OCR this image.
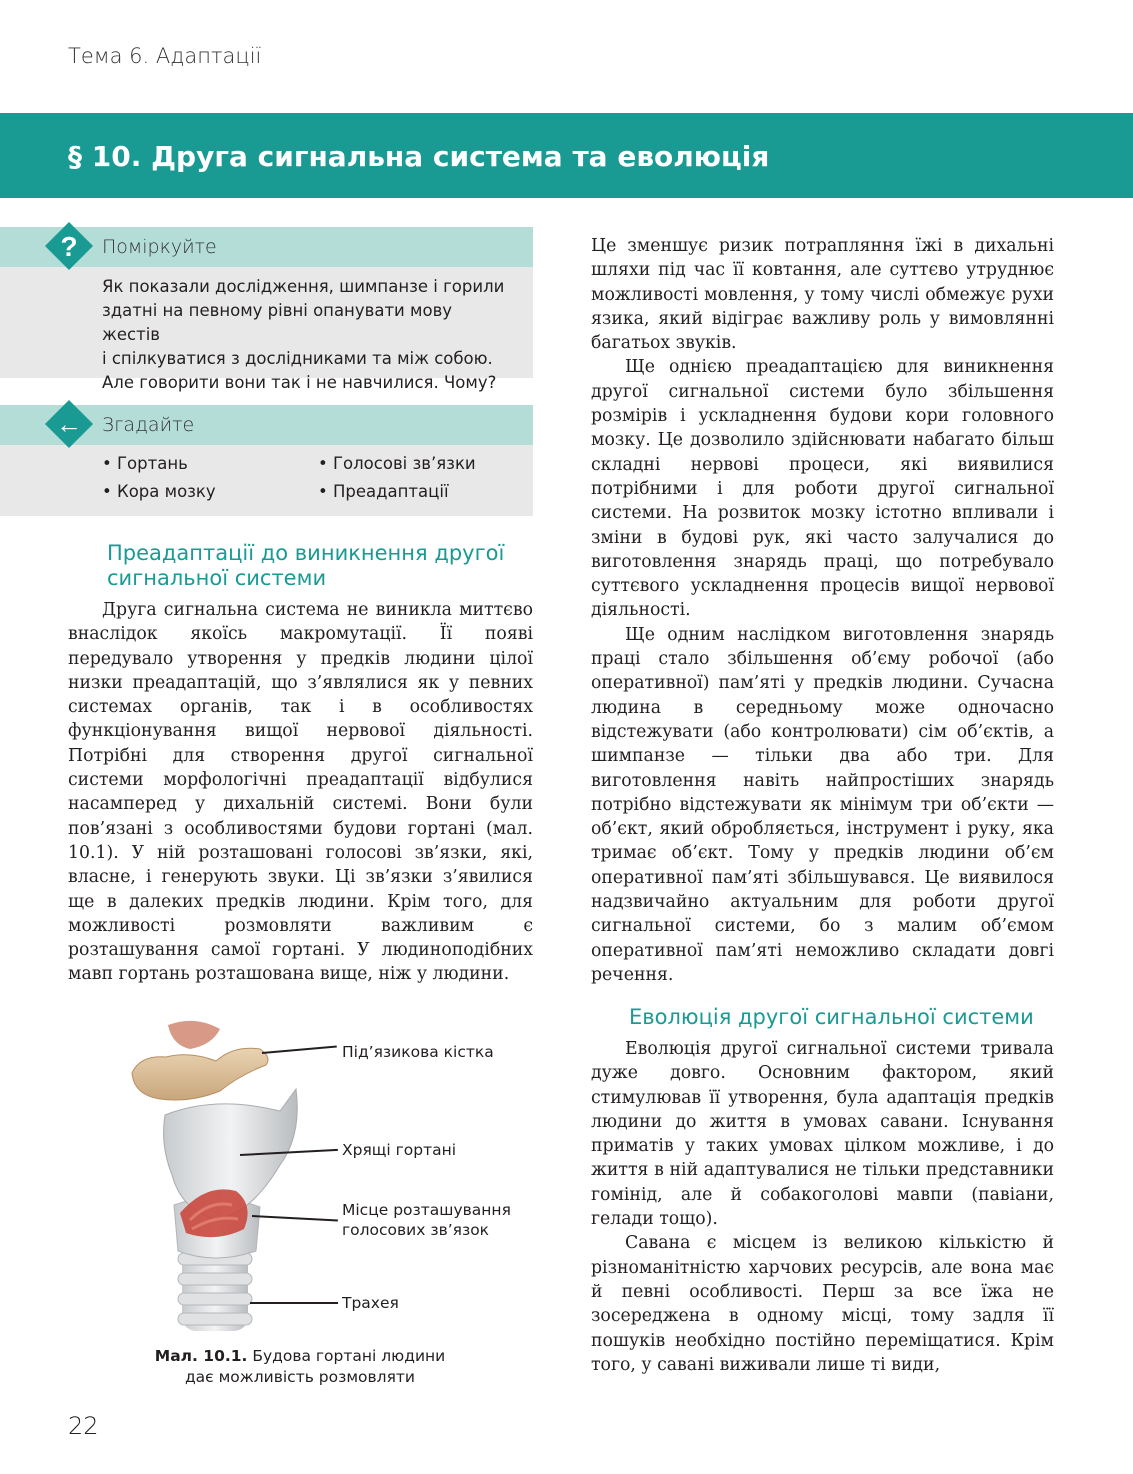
Тема 6. Адаптації
§ 10. Друга сигнальна система та еволюція
?	Поміркуйте
Як показали дослідження, шимпанзе і горили
здатні на певному рівні опанувати мову жестів
і спілкуватися з дослідниками та між собою.
Але говорити вони так і не навчилися. Чому?
←	Згадайте
• Гортань	• Голосові зв’язки
• Кора мозку	• Преадаптації
Преадаптації до виникнення другої
сигнальної системи

Друга сигнальна система не виникла миттєво внаслідок якоїсь макромутації. Її появі передувало утворення у предків людини цілої низки преадаптацій, що з’являлися як у певних системах органів, так і в особливостях функціонування вищої нервової діяльності. Потрібні для створення другої сигнальної системи морфологічні преадаптації відбулися насамперед у дихальній системі. Вони були пов’язані з особливостями будови гортані (мал. 10.1). У ній розташовані голосові зв’язки, які, власне, і генерують звуки. Ці зв’язки з’явилися ще в далеких предків людини. Крім того, для можливості розмовляти важливим є розташування самої гортані. У людиноподібних мавп гортань розташована вище, ніж у людини.

Під’язикова кістка
Хрящі гортані
Місце розташування
голосових зв’язок
Трахея
Мал. 10.1. Будова гортані людини дає можливість розмовляти

Це зменшує ризик потрапляння їжі в дихальні шляхи під час її ковтання, але суттєво утруднює можливості мовлення, у тому числі обмежує рухи язика, який відіграє важливу роль у вимовлянні багатьох звуків.

Ще однією преадаптацією для виникнення другої сигнальної системи було збільшення розмірів і ускладнення будови кори головного мозку. Це дозволило здійснювати набагато більш складні нервові процеси, які виявилися потрібними і для роботи другої сигнальної системи. На розвиток мозку істотно впливали і зміни в будові рук, які часто залучалися до виготовлення знарядь праці, що потребувало суттєвого ускладнення процесів вищої нервової діяльності.

Ще одним наслідком виготовлення знарядь праці стало збільшення об’єму робочої (або оперативної) пам’яті у предків людини. Сучасна людина в середньому може одночасно відстежувати (або контролювати) сім об’єктів, а шимпанзе — тільки два або три. Для виготовлення навіть найпростіших знарядь потрібно відстежувати як мінімум три об’єкти — об’єкт, який обробляється, інструмент і руку, яка тримає об’єкт. Тому у предків людини об’єм оперативної пам’яті збільшувався. Це виявилося надзвичайно актуальним для роботи другої сигнальної системи, бо з малим об’ємом оперативної пам’яті неможливо складати довгі речення.

Еволюція другої сигнальної системи

Еволюція другої сигнальної системи тривала дуже довго. Основним фактором, який стимулював її утворення, була адаптація предків людини до життя в умовах савани. Існування приматів у таких умовах цілком можливе, і до життя в ній адаптувалися не тільки представники гомінід, але й собакоголові мавпи (павіани, гелади тощо).

Савана є місцем із великою кількістю й різноманітністю харчових ресурсів, але вона має й певні особливості. Перш за все їжа не зосереджена в одному місці, тому задля її пошуків необхідно постійно переміщатися. Крім того, у савані виживали лише ті види,

22
